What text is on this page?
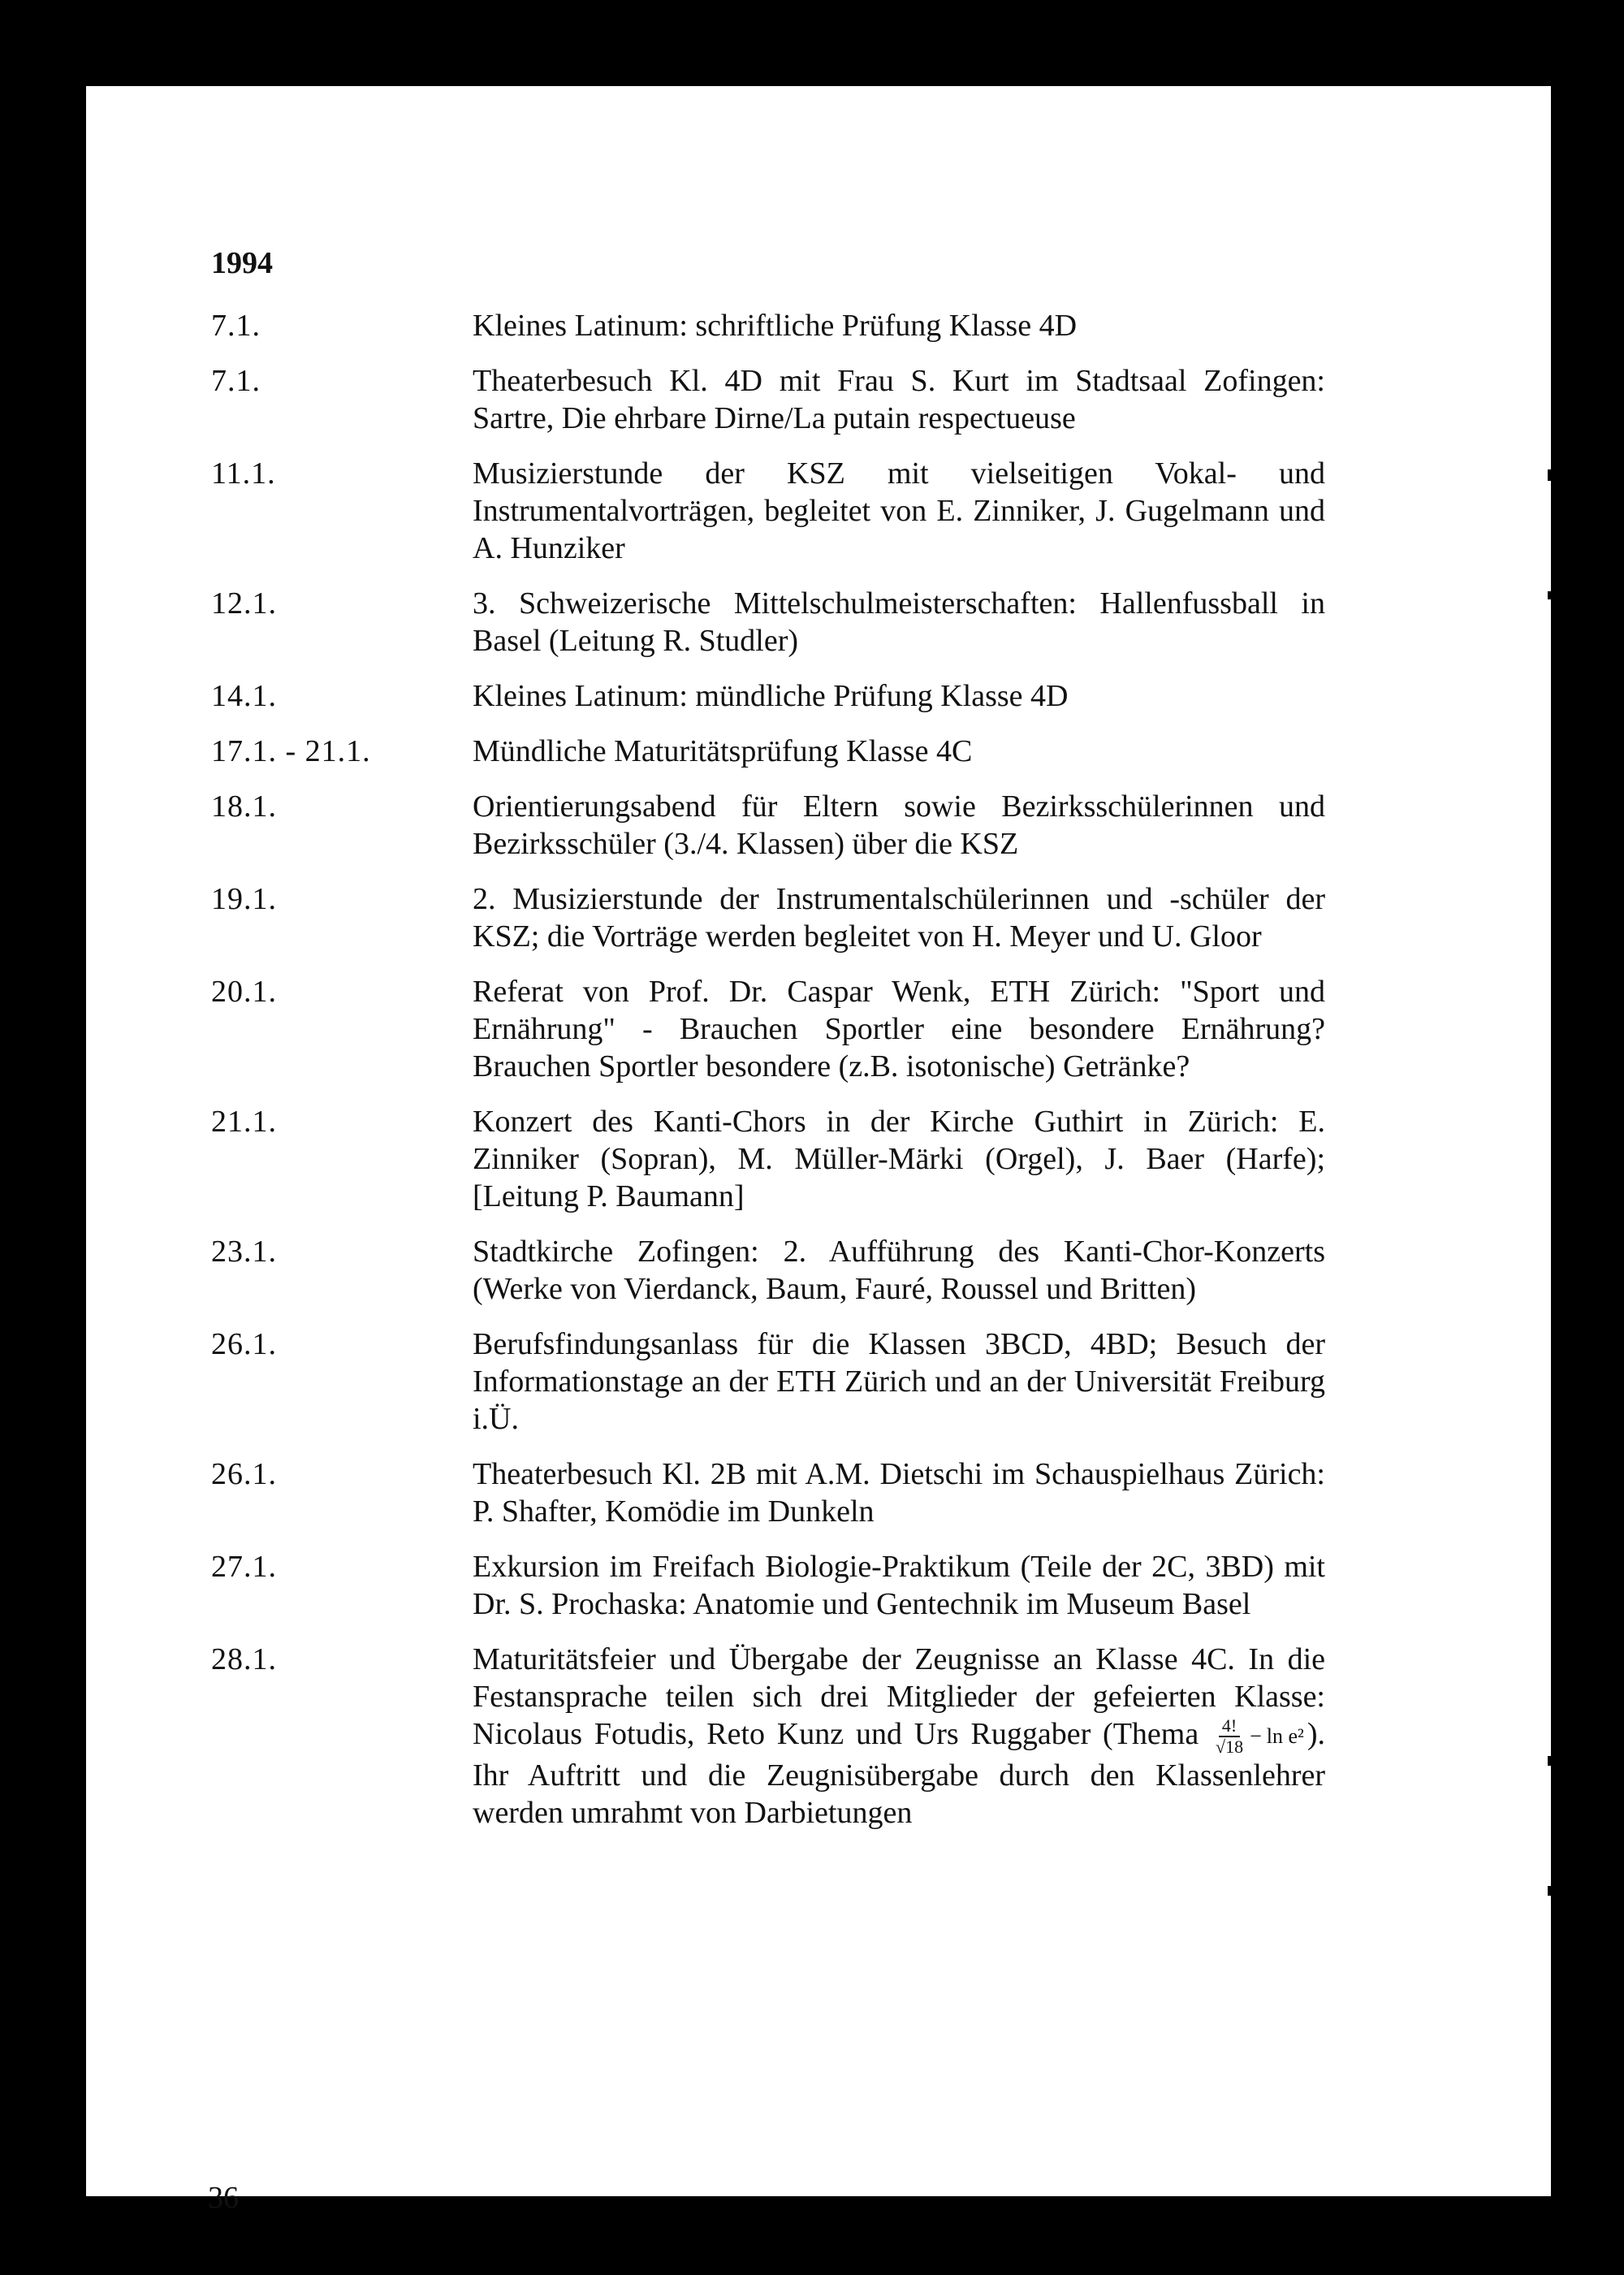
1994
7.1.	Kleines Latinum: schriftliche Prüfung Klasse 4D
7.1.	Theaterbesuch Kl. 4D mit Frau S. Kurt im Stadtsaal Zofingen: Sartre, Die ehrbare Dirne/La putain respectueuse
11.1.	Musizierstunde der KSZ mit vielseitigen Vokal- und Instrumentalvorträgen, begleitet von E. Zinniker, J. Gugelmann und A. Hunziker
12.1.	3. Schweizerische Mittelschulmeisterschaften: Hallenfussball in Basel (Leitung R. Studler)
14.1.	Kleines Latinum: mündliche Prüfung Klasse 4D
17.1. - 21.1.	Mündliche Maturitätsprüfung Klasse 4C
18.1.	Orientierungsabend für Eltern sowie Bezirksschülerinnen und Bezirksschüler (3./4. Klassen) über die KSZ
19.1.	2. Musizierstunde der Instrumentalschülerinnen und -schüler der KSZ; die Vorträge werden begleitet von H. Meyer und U. Gloor
20.1.	Referat von Prof. Dr. Caspar Wenk, ETH Zürich: "Sport und Ernährung" - Brauchen Sportler eine besondere Ernährung? Brauchen Sportler besondere (z.B. isotonische) Getränke?
21.1.	Konzert des Kanti-Chors in der Kirche Guthirt in Zürich: E. Zinniker (Sopran), M. Müller-Märki (Orgel), J. Baer (Harfe); [Leitung P. Baumann]
23.1.	Stadtkirche Zofingen: 2. Aufführung des Kanti-Chor-Konzerts (Werke von Vierdanck, Baum, Fauré, Roussel und Britten)
26.1.	Berufsfindungsanlass für die Klassen 3BCD, 4BD; Besuch der Informationstage an der ETH Zürich und an der Universität Freiburg i.Ü.
26.1.	Theaterbesuch Kl. 2B mit A.M. Dietschi im Schauspielhaus Zürich: P. Shafter, Komödie im Dunkeln
27.1.	Exkursion im Freifach Biologie-Praktikum (Teile der 2C, 3BD) mit Dr. S. Prochaska: Anatomie und Gentechnik im Museum Basel
28.1.	Maturitätsfeier und Übergabe der Zeugnisse an Klasse 4C. In die Festansprache teilen sich drei Mitglieder der gefeierten Klasse: Nicolaus Fotudis, Reto Kunz und Urs Ruggaber (Thema $\frac{4!}{√18} - \ln e^2$ ). Ihr Auftritt und die Zeugnisübergabe durch den Klassenlehrer werden umrahmt von Darbietungen
36
